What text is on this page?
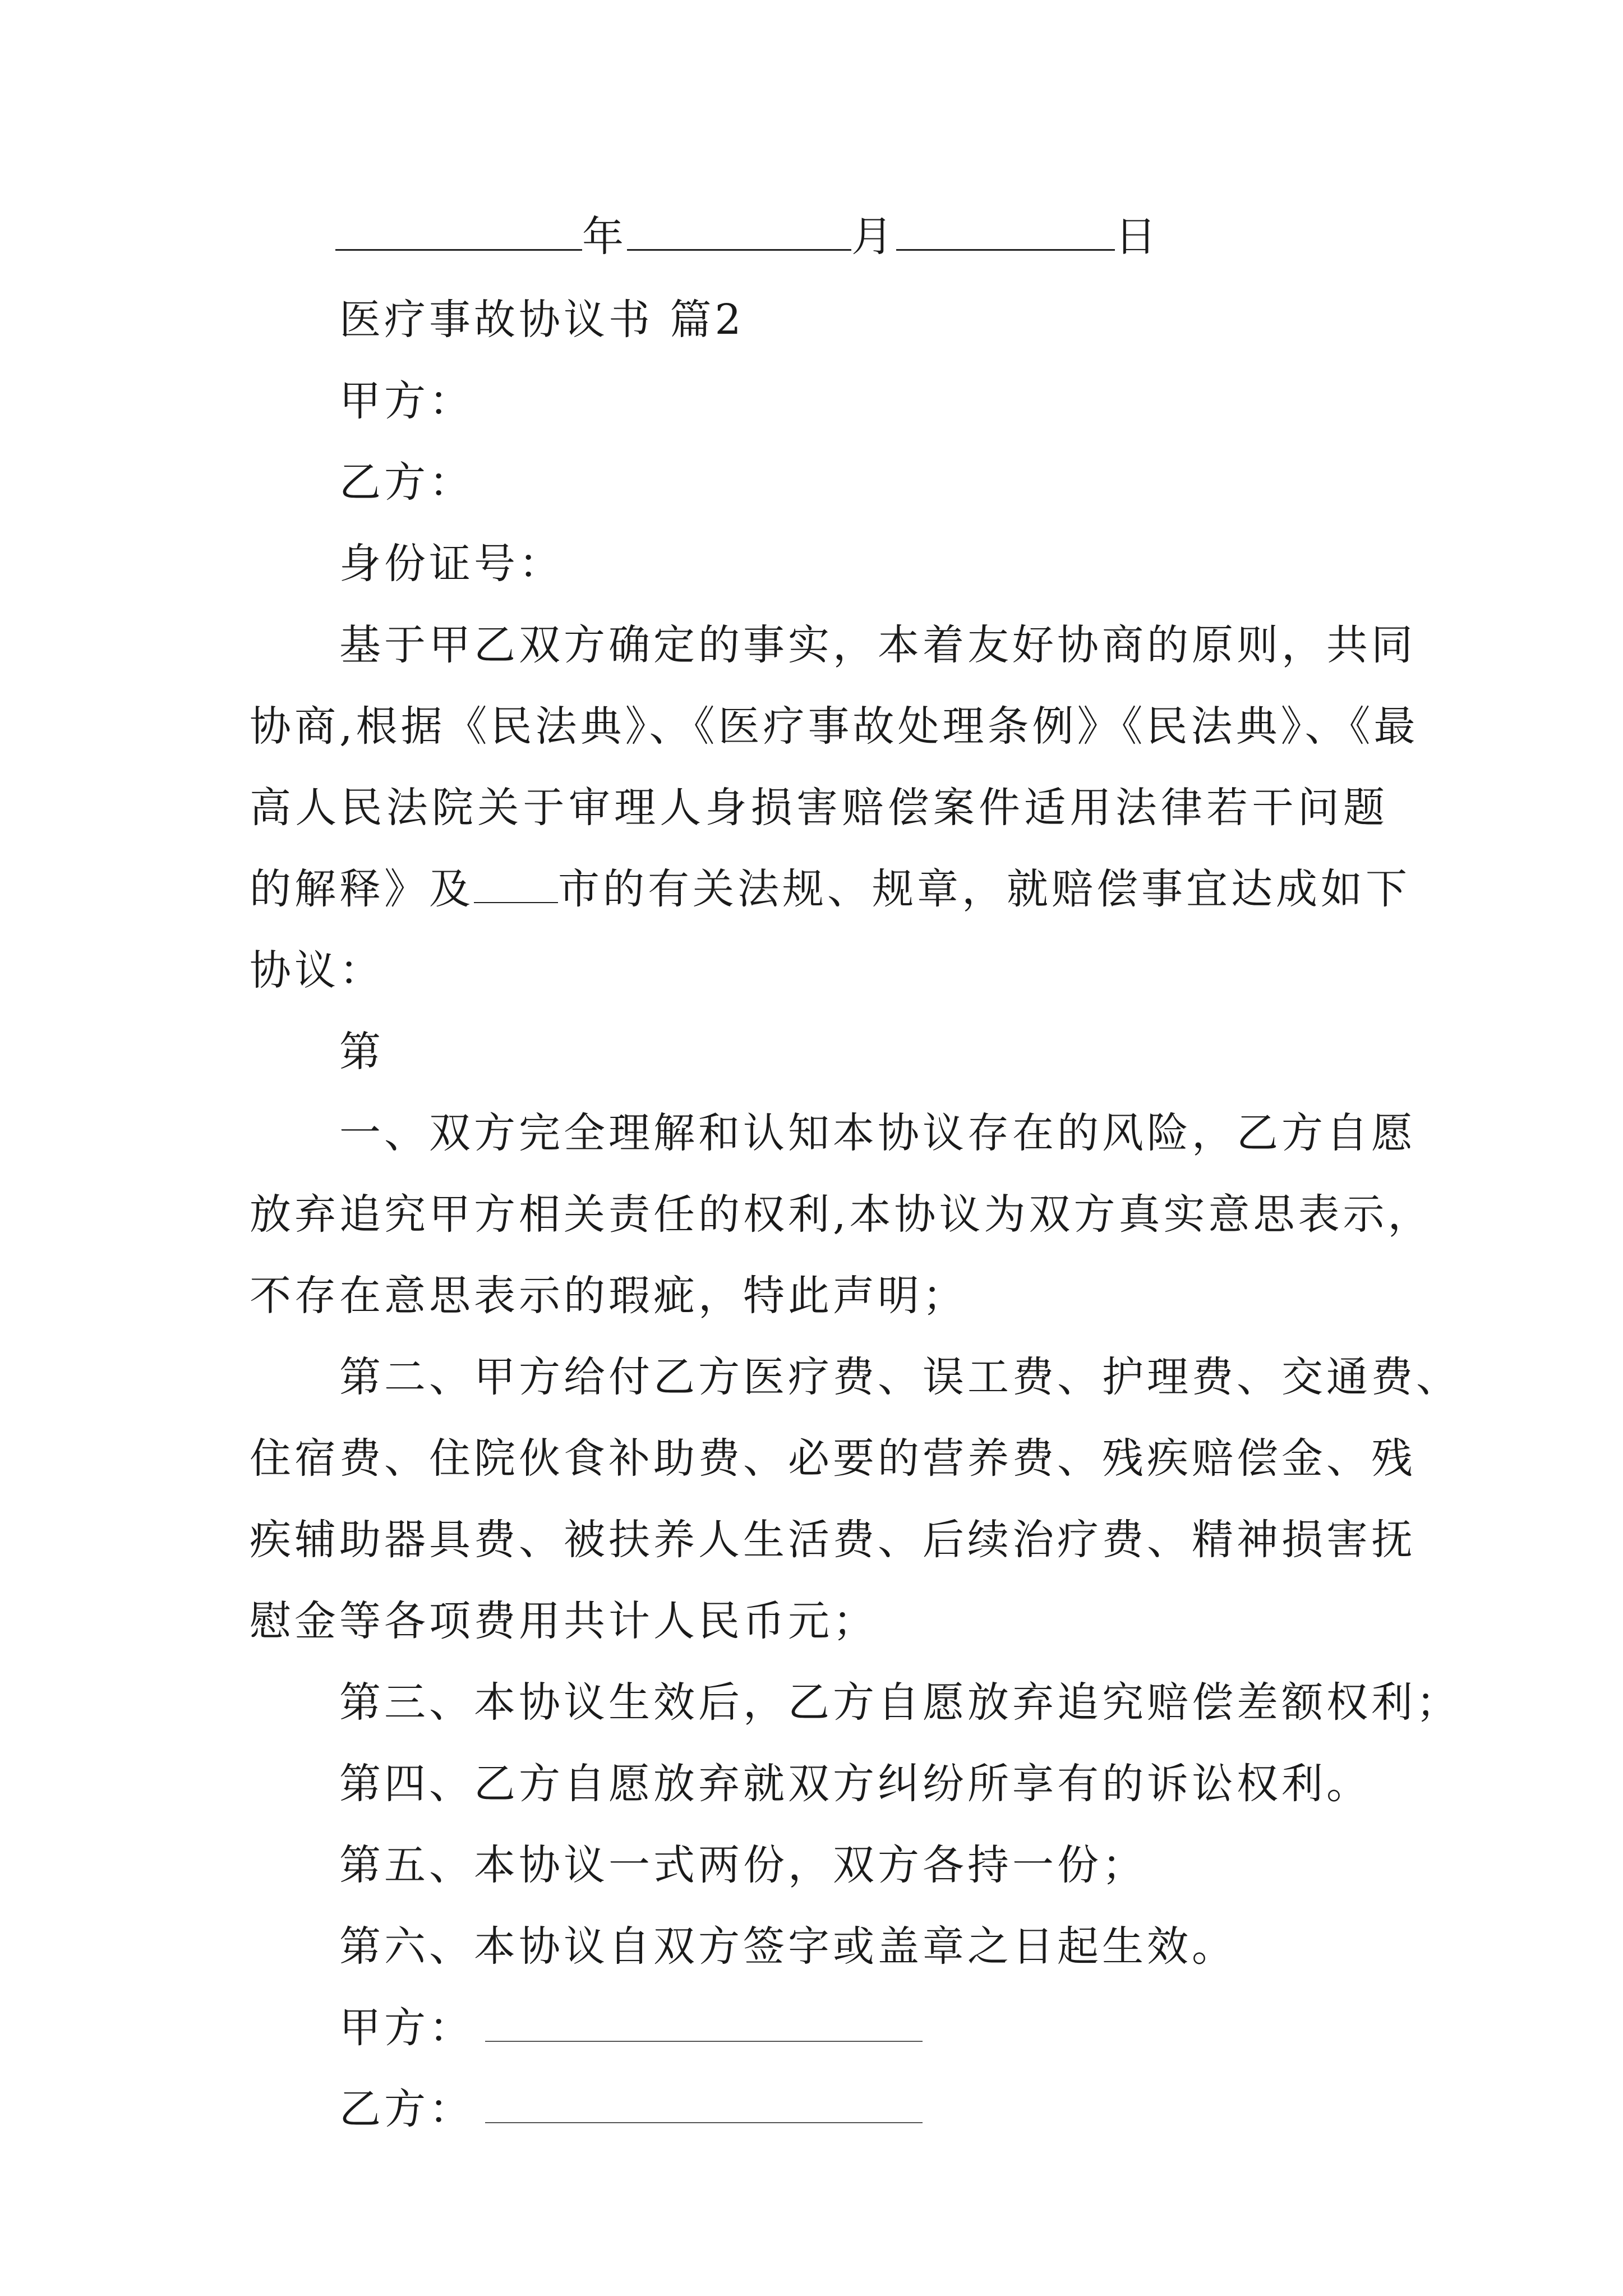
年	月	日
医疗事故协议书 篇2
甲方：
乙方：
身份证号：
基于甲乙双方确定的事实，本着友好协商的原则，共同
协商,根据《民法典》、《医疗事故处理条例》《民法典》、《最
高人民法院关于审理人身损害赔偿案件适用法律若干问题
的解释》及 市的有关法规、规章，就赔偿事宜达成如下
协议：
第
一、双方完全理解和认知本协议存在的风险，乙方自愿
放弃追究甲方相关责任的权利,本协议为双方真实意思表示，
不存在意思表示的瑕疵，特此声明；
第二、甲方给付乙方医疗费、误工费、护理费、交通费、
住宿费、住院伙食补助费、必要的营养费、残疾赔偿金、残
疾辅助器具费、被扶养人生活费、后续治疗费、精神损害抚
慰金等各项费用共计人民币元；
第三、本协议生效后，乙方自愿放弃追究赔偿差额权利；
第四、乙方自愿放弃就双方纠纷所享有的诉讼权利。
第五、本协议一式两份，双方各持一份；
第六、本协议自双方签字或盖章之日起生效。
甲方：
乙方：
